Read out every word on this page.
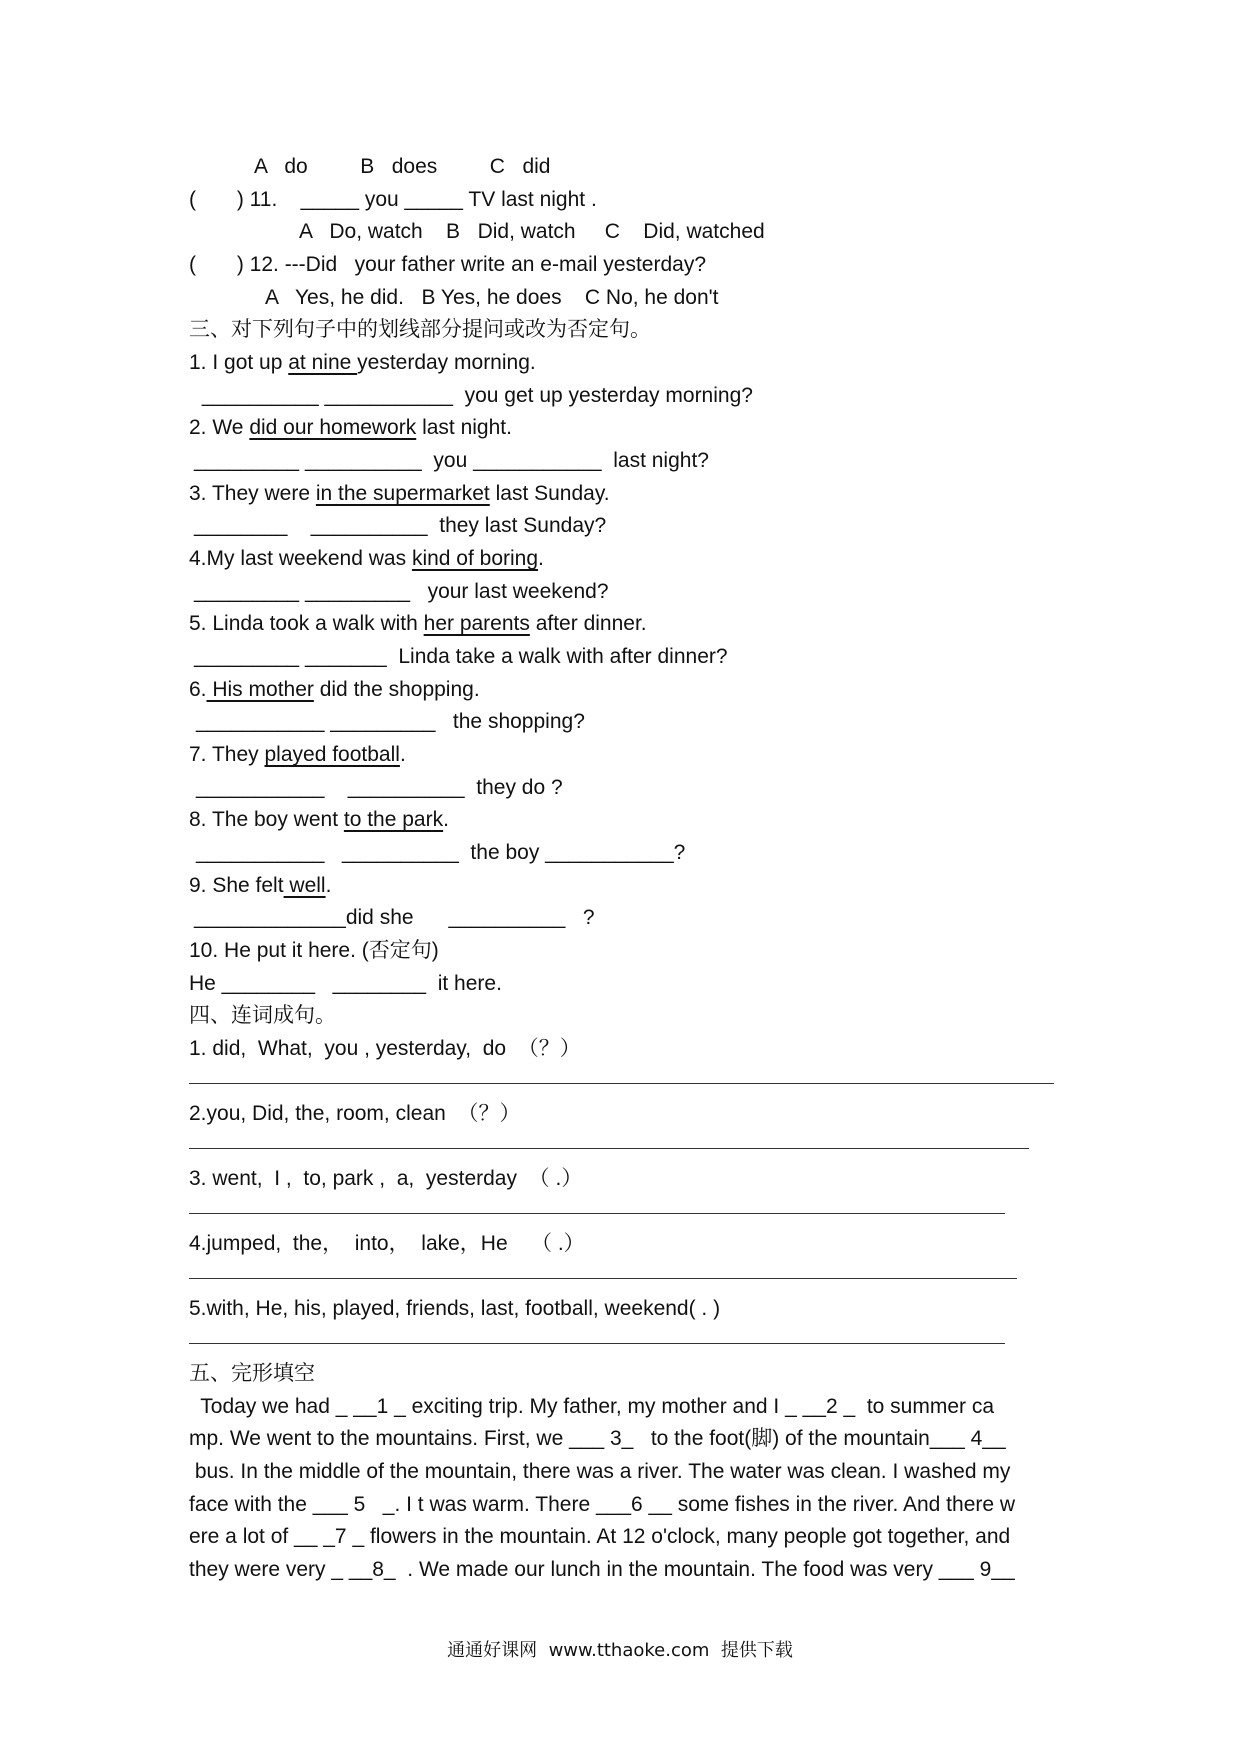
A   do         B   does         C   did
(       ) 11.    _____ you _____ TV last night .
A   Do, watch    B   Did, watch     C    Did, watched
(       ) 12. ---Did   your father write an e-mail yesterday?
A   Yes, he did.   B Yes, he does    C No, he don't
三、对下列句子中的划线部分提问或改为否定句。
1. I got up at nine yesterday morning.
__________ ___________  you get up yesterday morning?
2. We did our homework last night.
_________ __________  you ___________  last night?
3. They were in the supermarket last Sunday.
________    __________  they last Sunday?
4.My last weekend was kind of boring.
_________ _________   your last weekend?
5. Linda took a walk with her parents after dinner.
_________ _______  Linda take a walk with after dinner?
6. His mother did the shopping.
___________ _________   the shopping?
7. They played football.
___________    __________  they do ?
8. The boy went to the park.
___________   __________  the boy ___________?
9. She felt well.
_____________did she      __________   ?
10. He put it here. (否定句)
He ________   ________  it here.
四、连词成句。
1. did,  What,  you , yesterday,  do  （？）
2.you, Did, the, room, clean  （？）
3. went,  I ,  to, park ,  a,  yesterday  （ .）
4.jumped,  the，  into，  lake，He    （ .）
5.with, He, his, played, friends, last, football, weekend( . )
五、完形填空
Today we had _ __1 _ exciting trip. My father, my mother and I _ __2 _  to summer ca
mp. We went to the mountains. First, we ___ 3_   to the foot(脚) of the mountain___ 4__
bus. In the middle of the mountain, there was a river. The water was clean. I washed my
face with the ___ 5   _. I t was warm. There ___6 __ some fishes in the river. And there w
ere a lot of __ _7 _ flowers in the mountain. At 12 o'clock, many people got together, and
they were very _ __8_  . We made our lunch in the mountain. The food was very ___ 9__
通通好课网  www.tthaoke.com  提供下载
